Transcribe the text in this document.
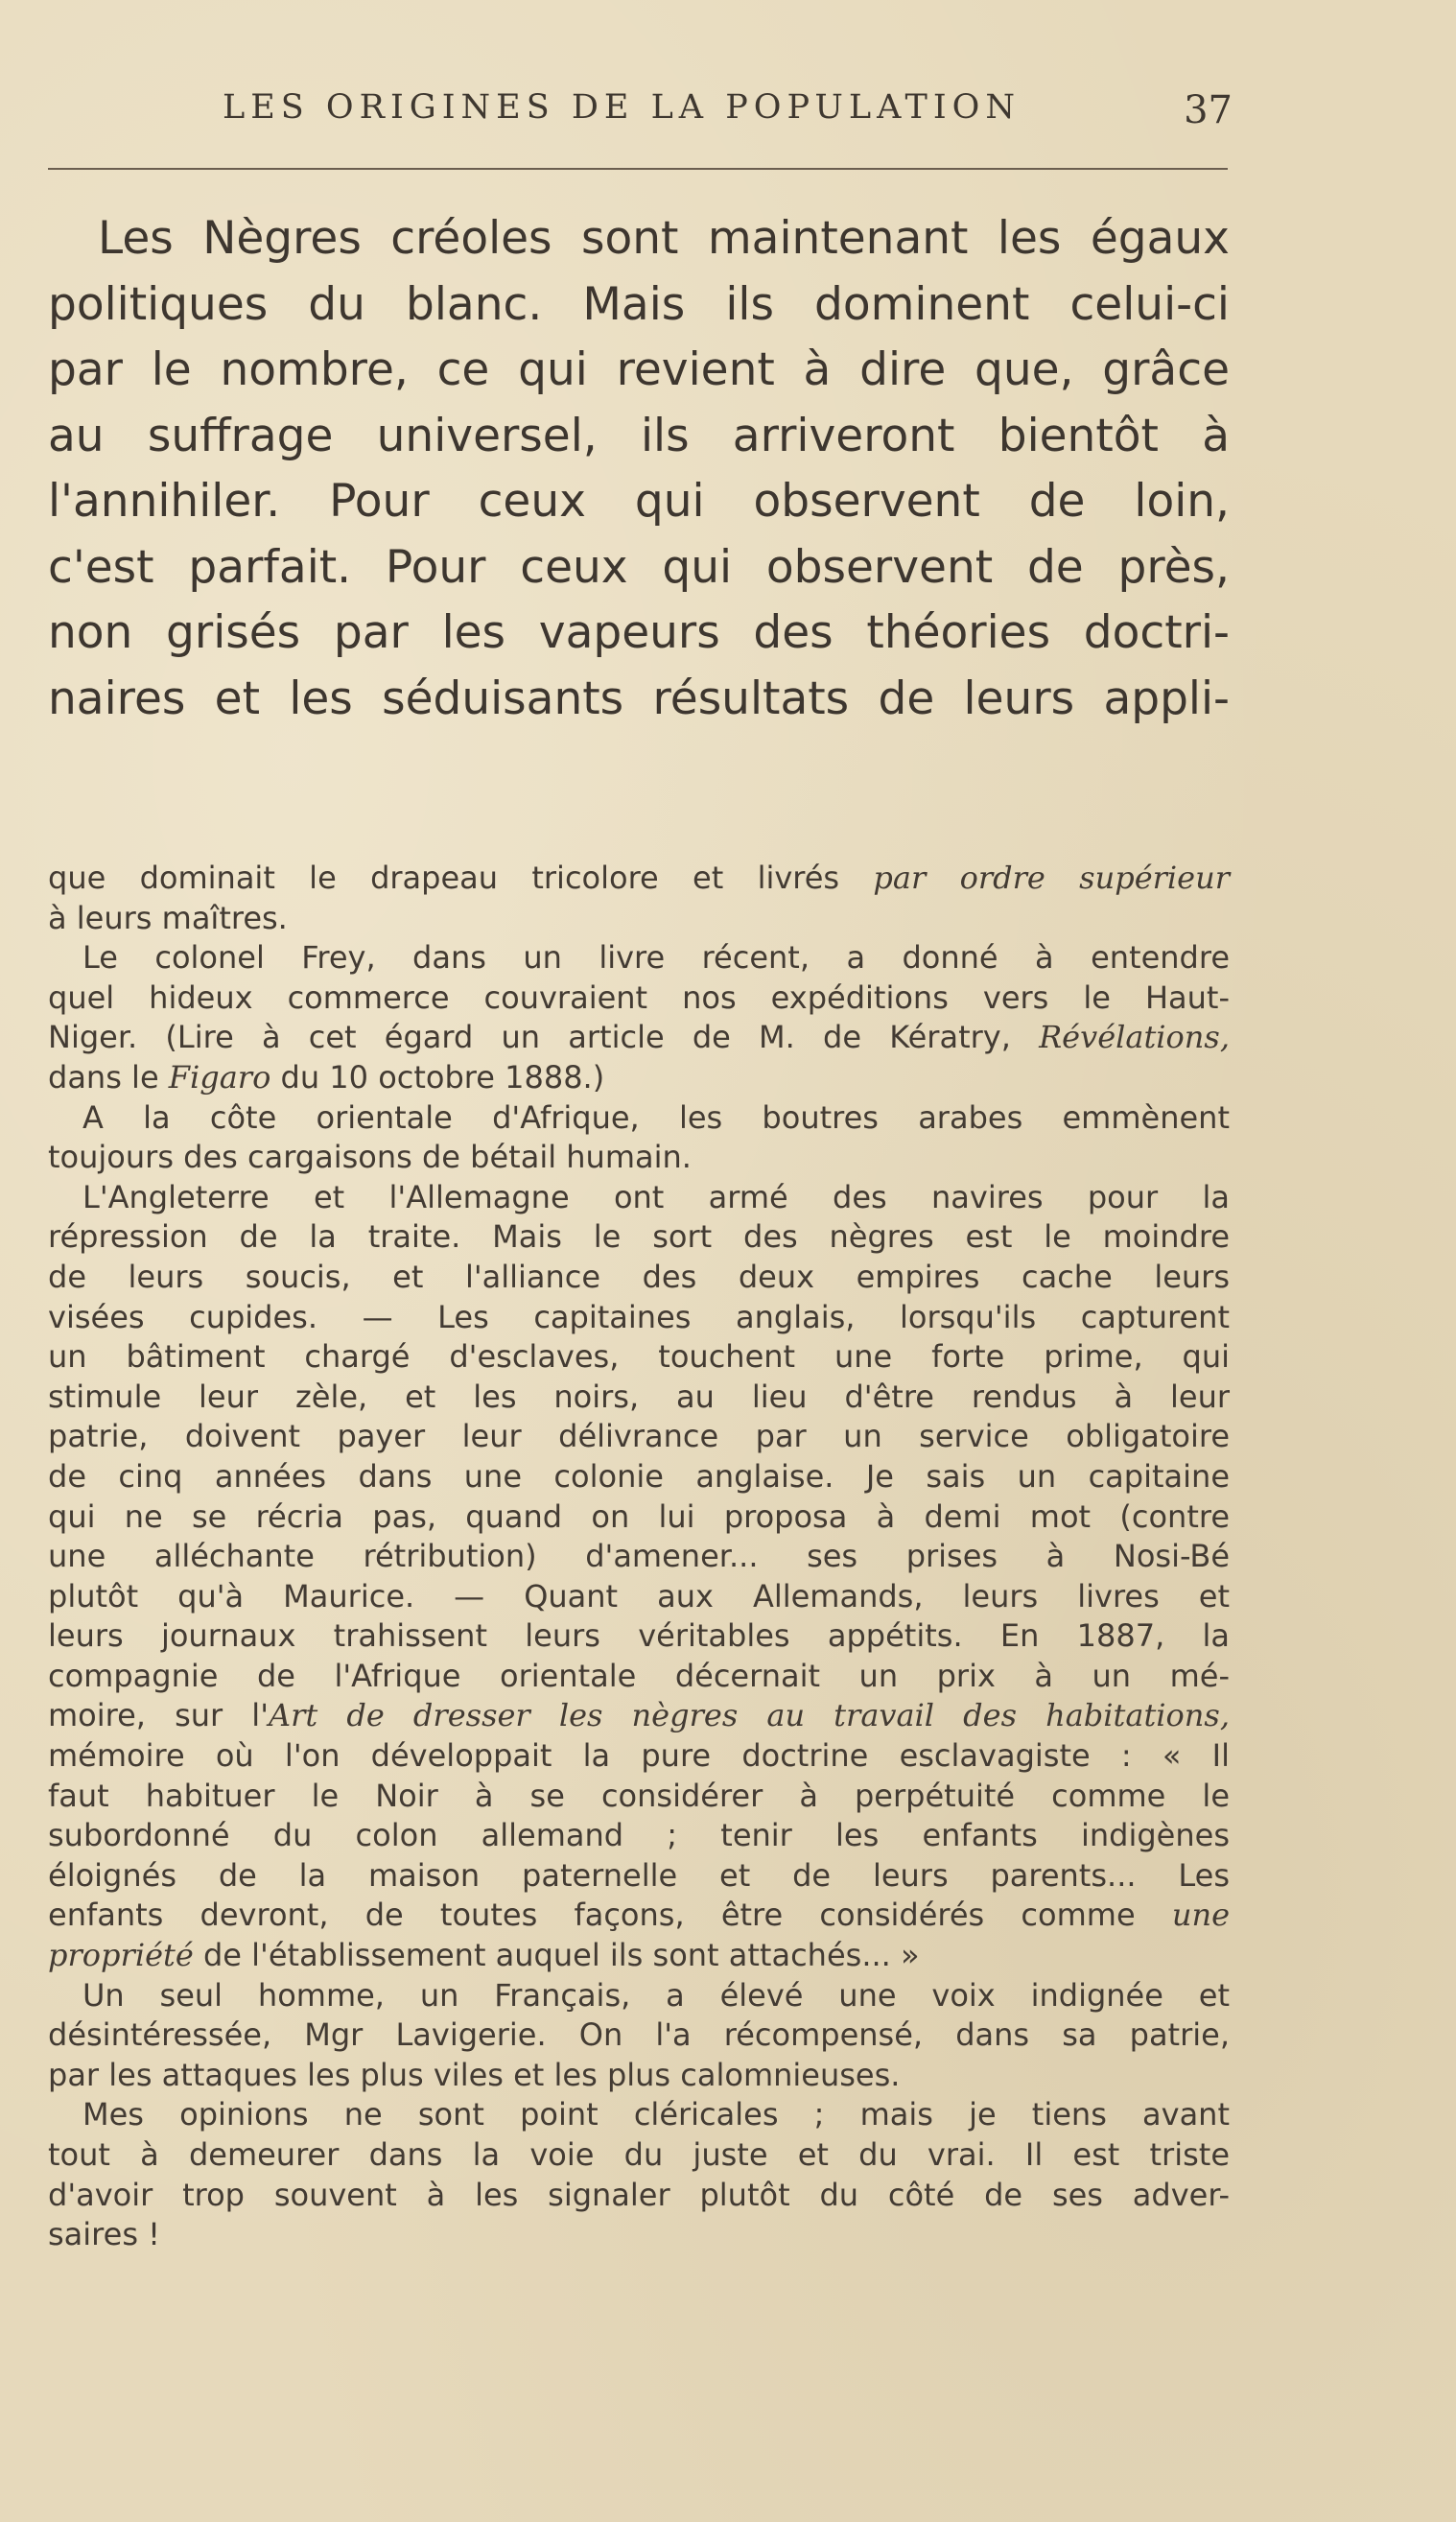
LES ORIGINES DE LA POPULATION	37
Les Nègres créoles sont maintenant les égaux
politiques du blanc. Mais ils dominent celui-ci
par le nombre, ce qui revient à dire que, grâce
au suffrage universel, ils arriveront bientôt à
l'annihiler. Pour ceux qui observent de loin,
c'est parfait. Pour ceux qui observent de près,
non grisés par les vapeurs des théories doctri-
naires et les séduisants résultats de leurs appli-
que dominait le drapeau tricolore et livrés par ordre supérieur
à leurs maîtres.
Le colonel Frey, dans un livre récent, a donné à entendre
quel hideux commerce couvraient nos expéditions vers le Haut-
Niger. (Lire à cet égard un article de M. de Kératry, Révélations,
dans le Figaro du 10 octobre 1888.)
A la côte orientale d'Afrique, les boutres arabes emmènent
toujours des cargaisons de bétail humain.
L'Angleterre et l'Allemagne ont armé des navires pour la
répression de la traite. Mais le sort des nègres est le moindre
de leurs soucis, et l'alliance des deux empires cache leurs
visées cupides. — Les capitaines anglais, lorsqu'ils capturent
un bâtiment chargé d'esclaves, touchent une forte prime, qui
stimule leur zèle, et les noirs, au lieu d'être rendus à leur
patrie, doivent payer leur délivrance par un service obligatoire
de cinq années dans une colonie anglaise. Je sais un capitaine
qui ne se récria pas, quand on lui proposa à demi mot (contre
une alléchante rétribution) d'amener... ses prises à Nosi-Bé
plutôt qu'à Maurice. — Quant aux Allemands, leurs livres et
leurs journaux trahissent leurs véritables appétits. En 1887, la
compagnie de l'Afrique orientale décernait un prix à un mé-
moire, sur l'Art de dresser les nègres au travail des habitations,
mémoire où l'on développait la pure doctrine esclavagiste : « Il
faut habituer le Noir à se considérer à perpétuité comme le
subordonné du colon allemand ; tenir les enfants indigènes
éloignés de la maison paternelle et de leurs parents... Les
enfants devront, de toutes façons, être considérés comme une
propriété de l'établissement auquel ils sont attachés... »
Un seul homme, un Français, a élevé une voix indignée et
désintéressée, Mgr Lavigerie. On l'a récompensé, dans sa patrie,
par les attaques les plus viles et les plus calomnieuses.
Mes opinions ne sont point cléricales ; mais je tiens avant
tout à demeurer dans la voie du juste et du vrai. Il est triste
d'avoir trop souvent à les signaler plutôt du côté de ses adver-
saires !
